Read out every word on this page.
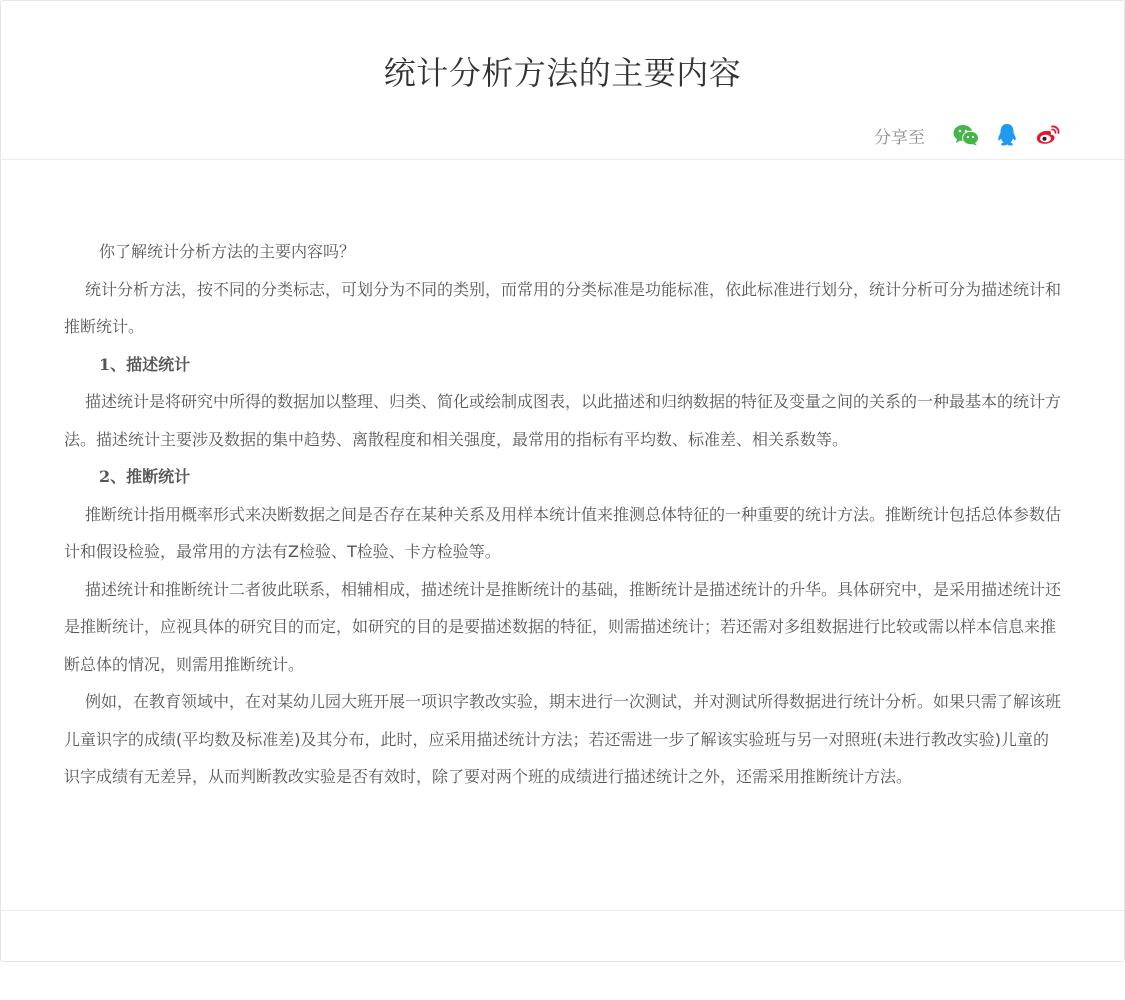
统计分析方法的主要内容
分享至

你了解统计分析方法的主要内容吗？

统计分析方法，按不同的分类标志，可划分为不同的类别，而常用的分类标准是功能标准，依此标准进行划分，统计分析可分为描述统计和推断统计。

1、描述统计

描述统计是将研究中所得的数据加以整理、归类、简化或绘制成图表，以此描述和归纳数据的特征及变量之间的关系的一种最基本的统计方法。描述统计主要涉及数据的集中趋势、离散程度和相关强度，最常用的指标有平均数、标准差、相关系数等。

2、推断统计

推断统计指用概率形式来决断数据之间是否存在某种关系及用样本统计值来推测总体特征的一种重要的统计方法。推断统计包括总体参数估计和假设检验，最常用的方法有Z检验、T检验、卡方检验等。

描述统计和推断统计二者彼此联系，相辅相成，描述统计是推断统计的基础，推断统计是描述统计的升华。具体研究中，是采用描述统计还是推断统计，应视具体的研究目的而定，如研究的目的是要描述数据的特征，则需描述统计；若还需对多组数据进行比较或需以样本信息来推断总体的情况，则需用推断统计。

例如，在教育领域中，在对某幼儿园大班开展一项识字教改实验，期末进行一次测试，并对测试所得数据进行统计分析。如果只需了解该班儿童识字的成绩(平均数及标准差)及其分布，此时，应采用描述统计方法；若还需进一步了解该实验班与另一对照班(未进行教改实验)儿童的识字成绩有无差异，从而判断教改实验是否有效时，除了要对两个班的成绩进行描述统计之外，还需采用推断统计方法。
